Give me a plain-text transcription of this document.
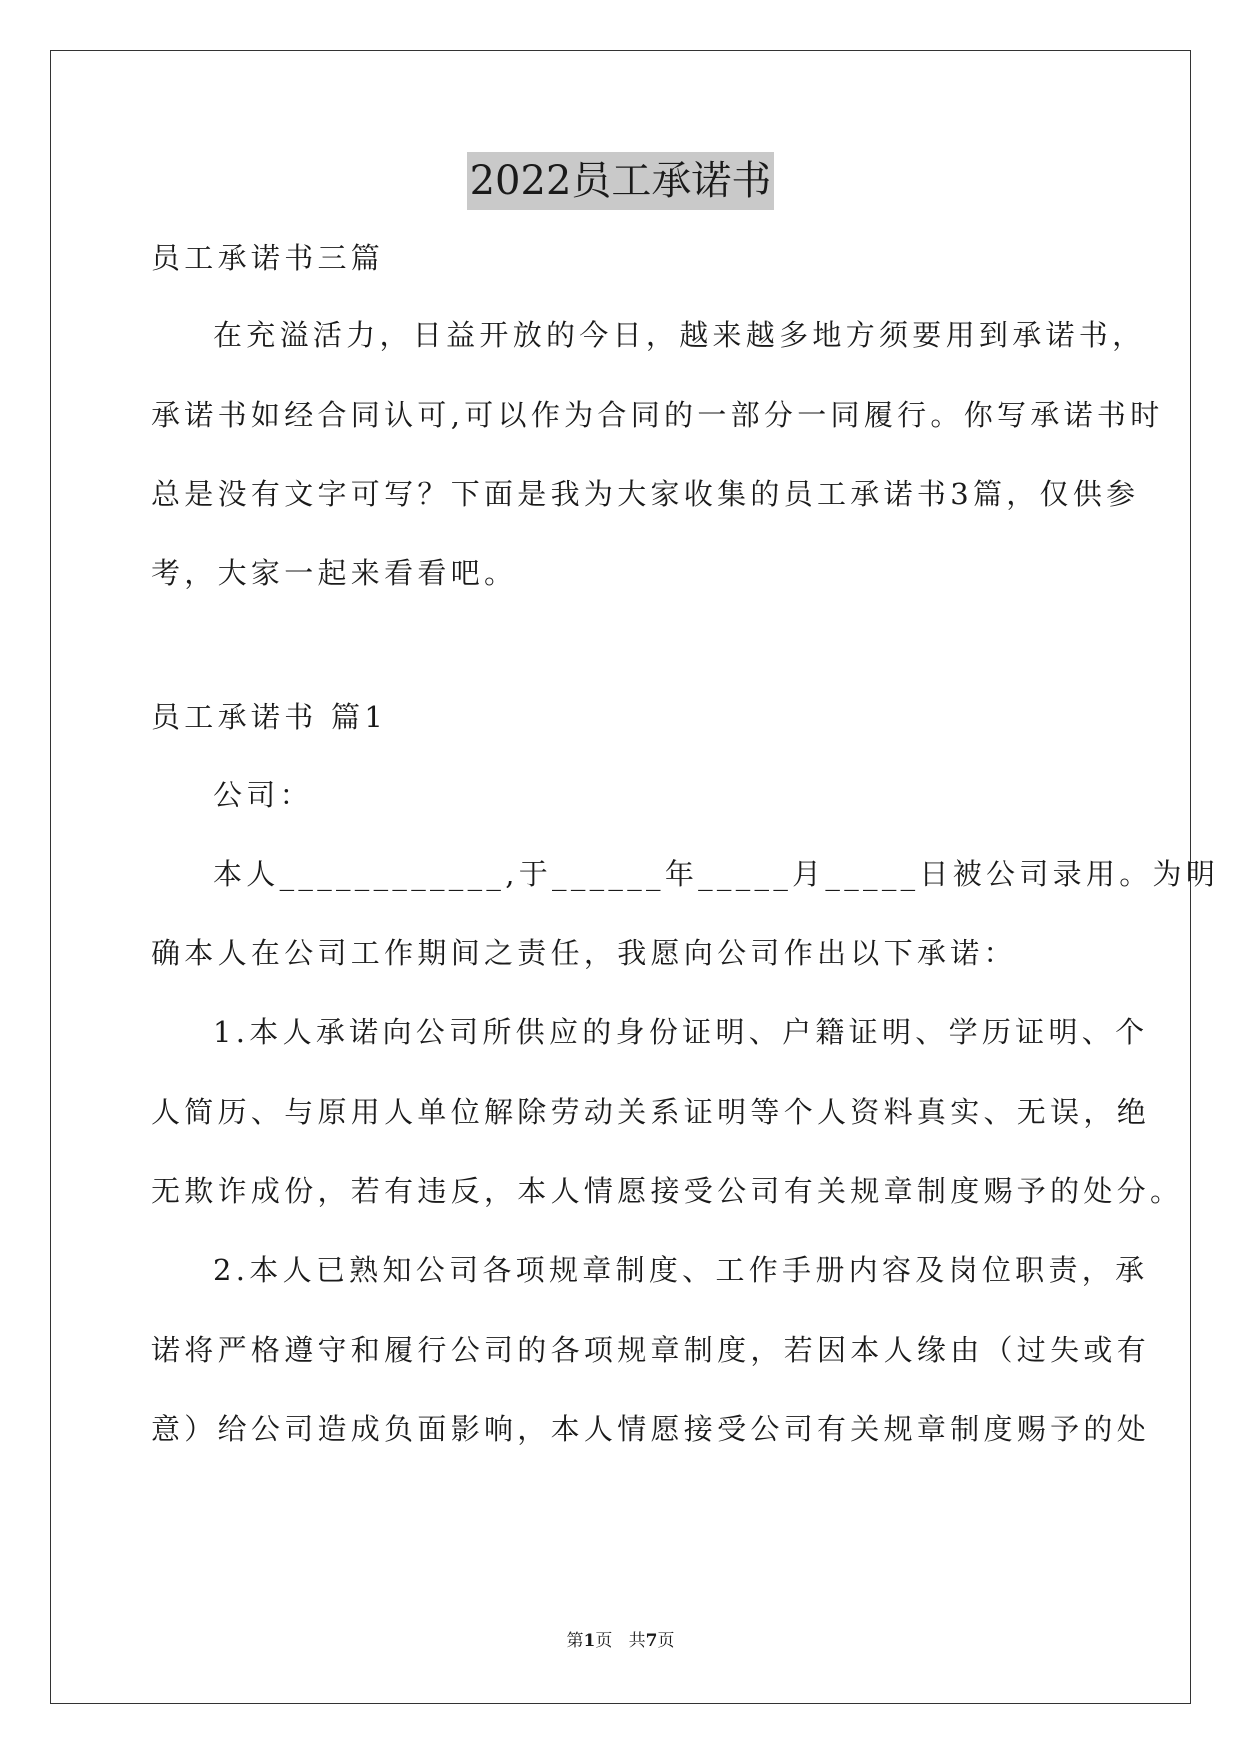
2022员工承诺书
员工承诺书三篇
在充溢活力，日益开放的今日，越来越多地方须要用到承诺书，
承诺书如经合同认可,可以作为合同的一部分一同履行。你写承诺书时
总是没有文字可写？下面是我为大家收集的员工承诺书3篇，仅供参
考，大家一起来看看吧。
员工承诺书 篇1
公司：
本人____________,于______年_____月_____日被公司录用。为明
确本人在公司工作期间之责任，我愿向公司作出以下承诺：
1.本人承诺向公司所供应的身份证明、户籍证明、学历证明、个
人简历、与原用人单位解除劳动关系证明等个人资料真实、无误，绝
无欺诈成份，若有违反，本人情愿接受公司有关规章制度赐予的处分。
2.本人已熟知公司各项规章制度、工作手册内容及岗位职责，承
诺将严格遵守和履行公司的各项规章制度，若因本人缘由（过失或有
意）给公司造成负面影响，本人情愿接受公司有关规章制度赐予的处
第1页 共7页
